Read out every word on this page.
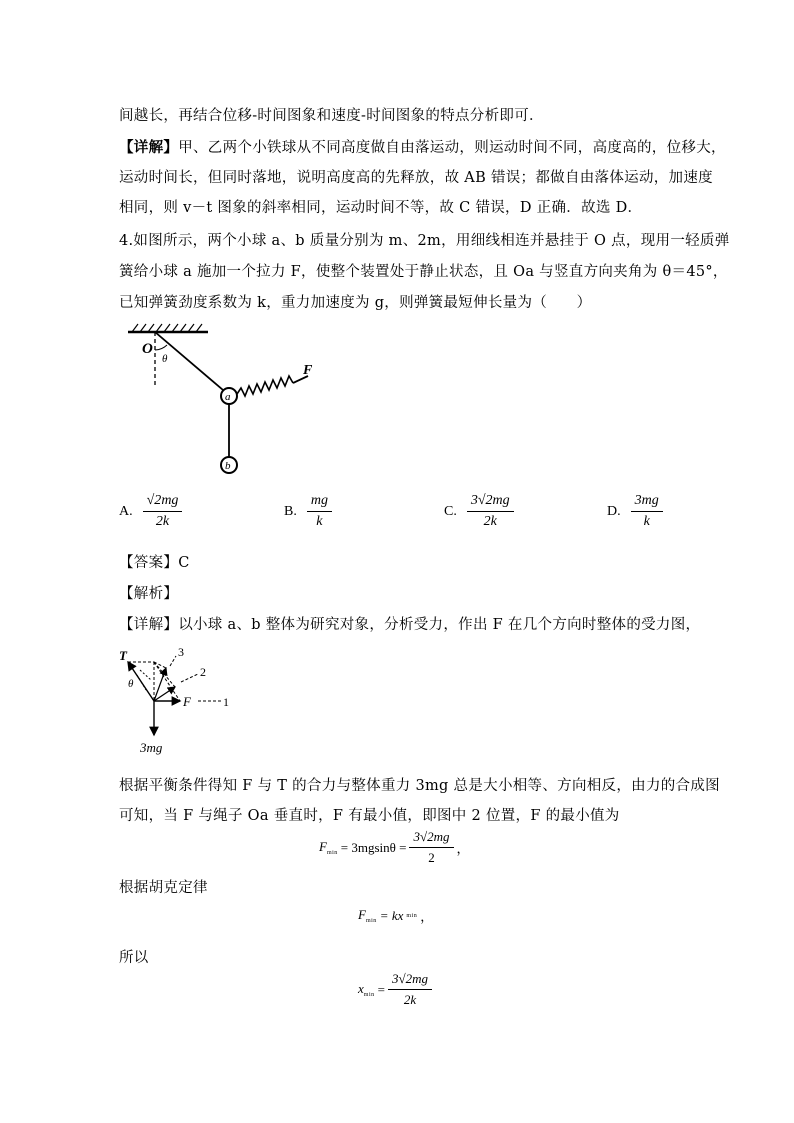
间越长，再结合位移‑时间图象和速度‑时间图象的特点分析即可．
【详解】甲、乙两个小铁球从不同高度做自由落运动，则运动时间不同，高度高的，位移大，
运动时间长，但同时落地，说明高度高的先释放，故 AB 错误；都做自由落体运动，加速度
相同，则 v－t 图象的斜率相同，运动时间不等，故 C 错误，D 正确．故选 D．
4.如图所示，两个小球 a、b 质量分别为 m、2m，用细线相连并悬挂于 O 点，现用一轻质弹
簧给小球 a 施加一个拉力 F，使整个装置处于静止状态，且 Oa 与竖直方向夹角为 θ＝45°，
已知弹簧劲度系数为 k，重力加速度为 g，则弹簧最短伸长量为（　　）
O
θ
a
b
F
A. $\frac{√2mg}{2k}$	B. $\frac{mg}{k}$	C. $\frac{3√2mg}{2k}$	D. $\frac{3mg}{k}$
【答案】C
【解析】
【详解】以小球 a、b 整体为研究对象，分析受力，作出 F 在几个方向时整体的受力图，
T
θ
F	1
2
3
3mg
根据平衡条件得知 F 与 T 的合力与整体重力 3mg 总是大小相等、方向相反，由力的合成图
可知，当 F 与绳子 Oa 垂直时，F 有最小值，即图中 2 位置，F 的最小值为
$F_{min} = 3mgsin\theta = \frac{3√2mg}{2}$ ，
根据胡克定律
$F_{min}$ = kx min ，
所以
$x_{min} = \frac{3√2mg}{2k}$
